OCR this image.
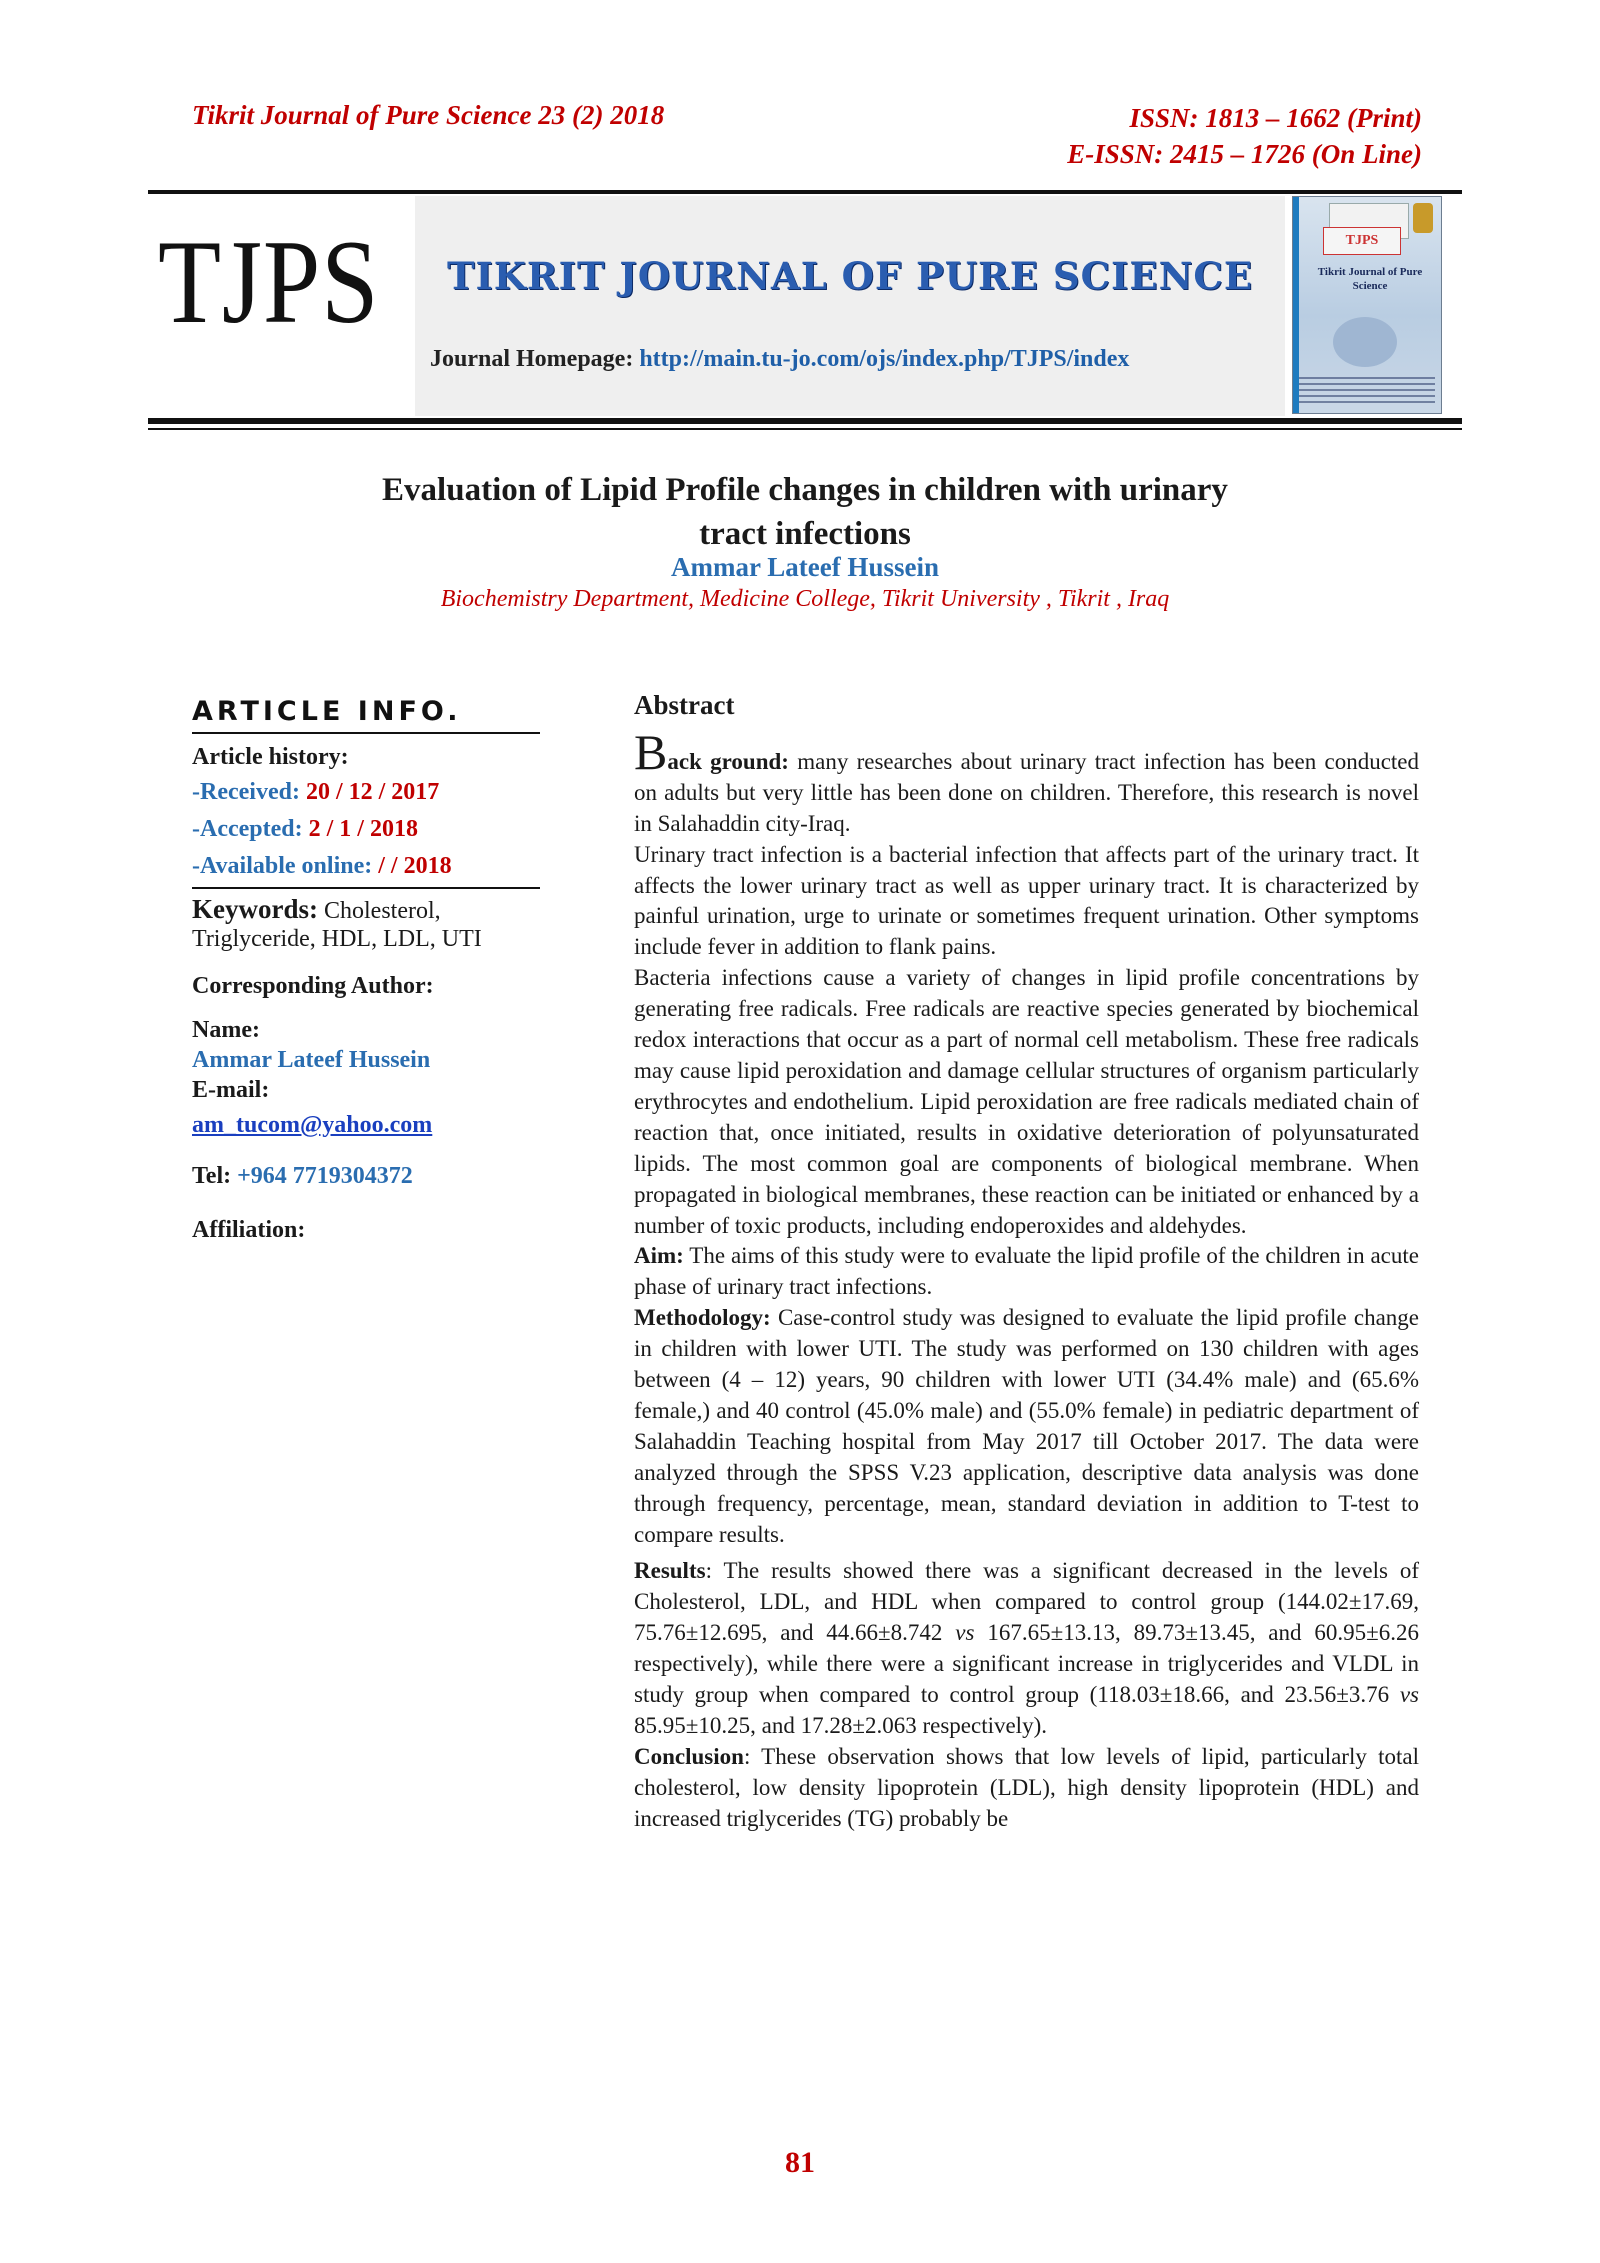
Tikrit Journal of Pure Science 23 (2) 2018	ISSN: 1813 – 1662 (Print)
E-ISSN: 2415 – 1726 (On Line)
TJPS	TIKRIT JOURNAL OF PURE SCIENCE
Journal Homepage: http://main.tu-jo.com/ojs/index.php/TJPS/index
TJPS
Tikrit Journal of Pure Science
Evaluation of Lipid Profile changes in children with urinary
tract infections
Ammar Lateef Hussein
Biochemistry Department, Medicine College, Tikrit University , Tikrit , Iraq
ARTICLE INFO.
Article history:
-Received: 20 / 12 / 2017
-Accepted: 2 / 1 / 2018
-Available online: / / 2018
Keywords: Cholesterol, Triglyceride, HDL, LDL, UTI
Corresponding Author:
Name:
Ammar Lateef Hussein
E-mail:
am_tucom@yahoo.com
Tel: +964 7719304372
Affiliation:
Abstract

Back ground: many researches about urinary tract infection has been conducted on adults but very little has been done on children. Therefore, this research is novel in Salahaddin city-Iraq.

Urinary tract infection is a bacterial infection that affects part of the urinary tract. It affects the lower urinary tract as well as upper urinary tract. It is characterized by painful urination, urge to urinate or sometimes frequent urination. Other symptoms include fever in addition to flank pains.

Bacteria infections cause a variety of changes in lipid profile concentrations by generating free radicals. Free radicals are reactive species generated by biochemical redox interactions that occur as a part of normal cell metabolism. These free radicals may cause lipid peroxidation and damage cellular structures of organism particularly erythrocytes and endothelium. Lipid peroxidation are free radicals mediated chain of reaction that, once initiated, results in oxidative deterioration of polyunsaturated lipids. The most common goal are components of biological membrane. When propagated in biological membranes, these reaction can be initiated or enhanced by a number of toxic products, including endoperoxides and aldehydes.

Aim: The aims of this study were to evaluate the lipid profile of the children in acute phase of urinary tract infections.

Methodology: Case-control study was designed to evaluate the lipid profile change in children with lower UTI. The study was performed on 130 children with ages between (4 – 12) years, 90 children with lower UTI (34.4% male) and (65.6% female,) and 40 control (45.0% male) and (55.0% female) in pediatric department of Salahaddin Teaching hospital from May 2017 till October 2017. The data were analyzed through the SPSS V.23 application, descriptive data analysis was done through frequency, percentage, mean, standard deviation in addition to T-test to compare results.

Results: The results showed there was a significant decreased in the levels of Cholesterol, LDL, and HDL when compared to control group (144.02±17.69, 75.76±12.695, and 44.66±8.742 vs 167.65±13.13, 89.73±13.45, and 60.95±6.26 respectively), while there were a significant increase in triglycerides and VLDL in study group when compared to control group (118.03±18.66, and 23.56±3.76 vs 85.95±10.25, and 17.28±2.063 respectively).

Conclusion: These observation shows that low levels of lipid, particularly total cholesterol, low density lipoprotein (LDL), high density lipoprotein (HDL) and increased triglycerides (TG) probably be

81
